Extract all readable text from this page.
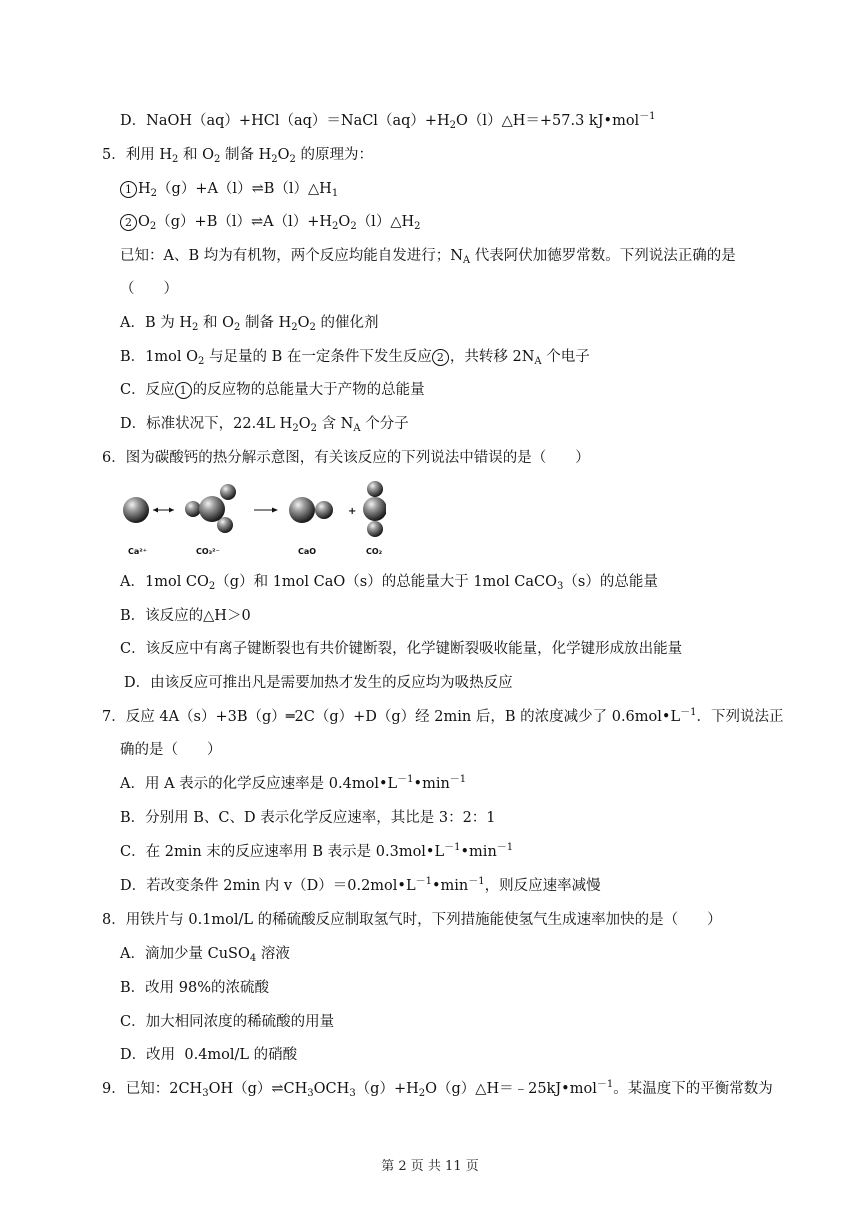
D．$NaOH(aq)+HCl(aq)=NaCl(aq)+H_2O(l)\triangle H=+57.3$ kJ•mol$^{-1}$
5．利用 $H_2$ 和 $O_2$ 制备 $H_2O_2$ 的原理为：
1 $H_2(g)+A(l)\rightleftharpoons B(l)\triangle H_1$
2 $O_2(g)+B(l)\rightleftharpoons A(l)+H_2O_2(l)\triangle H_2$
已知：A、B 均为有机物，两个反应均能自发进行；$N_A$ 代表阿伏加德罗常数。下列说法正确的是
（　　）
A．B 为 $H_2$ 和 $O_2$ 制备 $H_2O_2$ 的催化剂
B．1mol $O_2$ 与足量的 B 在一定条件下发生反应 2 ，共转移 $2N_A$ 个电子
C．反应 1 的反应物的总能量大于产物的总能量
D．标准状况下，22.4L $H_2O_2$ 含 $N_A$ 个分子
6．图为碳酸钙的热分解示意图，有关该反应的下列说法中错误的是（　　）
+
Ca²⁺	CO₃²⁻	CaO	CO₂
A．1mol $CO_2(g)$和 1mol CaO（s）的总能量大于 1mol CaCO$_3$（s）的总能量
B．该反应的△H＞0
C．该反应中有离子键断裂也有共价键断裂，化学键断裂吸收能量，化学键形成放出能量
D．由该反应可推出凡是需要加热才发生的反应均为吸热反应
7．反应 4A（s）+3B（g）═2C（g）+D（g）经 2min 后，B 的浓度减少了 $0.6mol•L^{-1}$．下列说法正
确的是（　　）
A．用 A 表示的化学反应速率是 $0.4mol•L^{-1}•\min^{-1}$
B．分别用 B、C、D 表示化学反应速率，其比是 3：2：1
C．在 2min 末的反应速率用 B 表示是 $0.3mol•L^{-1}•\min^{-1}$
D．若改变条件 2min 内 $v(D)=0.2mol•L^{-1}•\min^{-1}$，则反应速率减慢
8．用铁片与 0.1mol/L 的稀硫酸反应制取氢气时，下列措施能使氢气生成速率加快的是（　　）
A．滴加少量 CuSO$_4$ 溶液
B．改用 98%的浓硫酸
C．加大相同浓度的稀硫酸的用量
D．改用  0.4mol/L 的硝酸
9．已知：$2CH_3OH(g)\rightleftharpoons CH_3OCH_3(g)+H_2O(g)\triangle H=﹣25kJ•mol^{-1}$。某温度下的平衡常数为
第 2 页 共 11 页
